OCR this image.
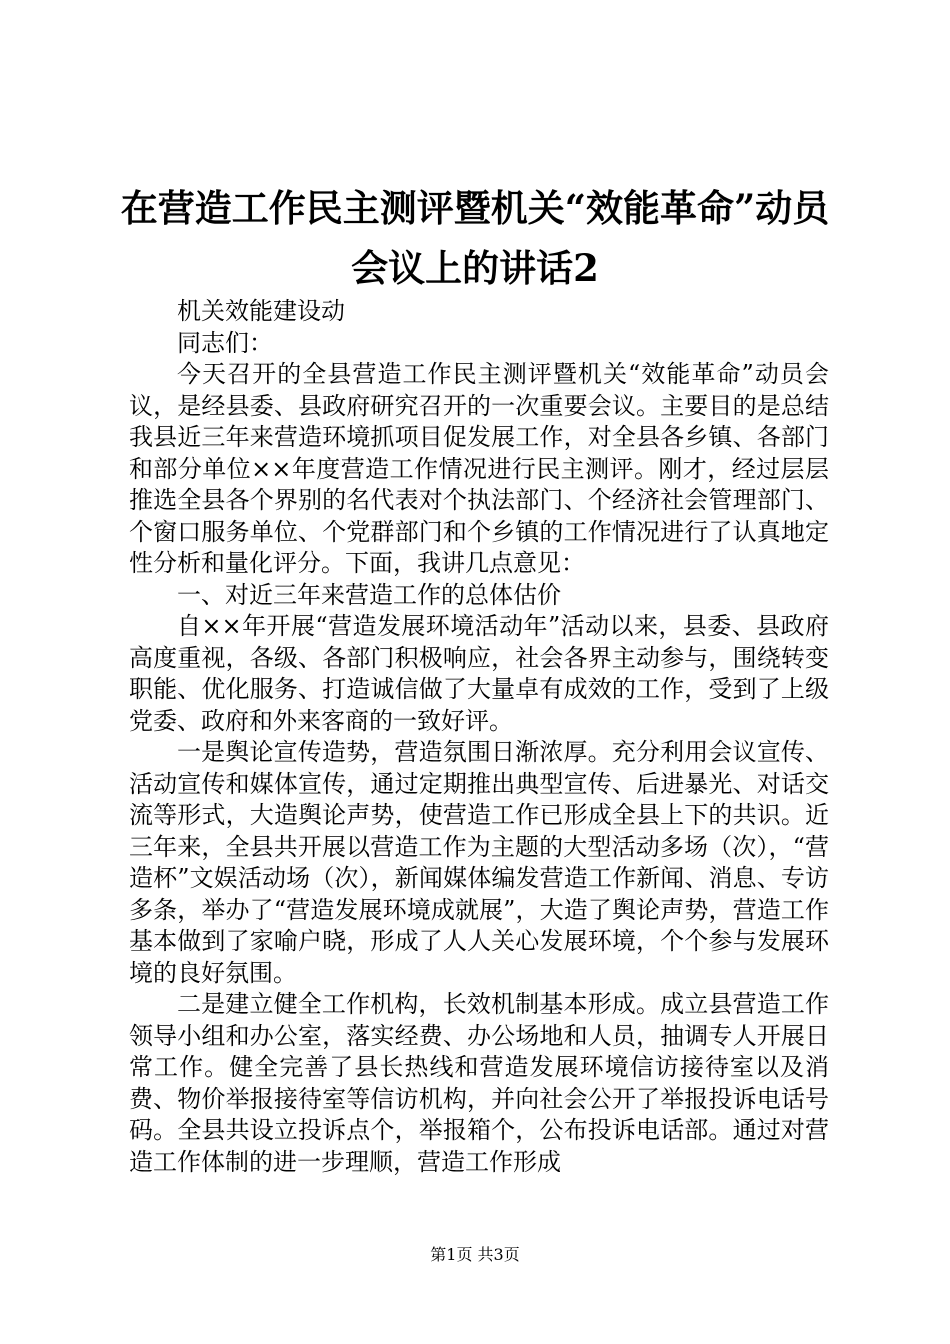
在营造工作民主测评暨机关“效能革命”动员会议上的讲话2

机关效能建设动

同志们：

今天召开的全县营造工作民主测评暨机关“效能革命”动员会议，是经县委、县政府研究召开的一次重要会议。主要目的是总结我县近三年来营造环境抓项目促发展工作，对全县各乡镇、各部门和部分单位××年度营造工作情况进行民主测评。刚才，经过层层推选全县各个界别的名代表对个执法部门、个经济社会管理部门、个窗口服务单位、个党群部门和个乡镇的工作情况进行了认真地定性分析和量化评分。下面，我讲几点意见：

一、对近三年来营造工作的总体估价

自××年开展“营造发展环境活动年”活动以来，县委、县政府高度重视，各级、各部门积极响应，社会各界主动参与，围绕转变职能、优化服务、打造诚信做了大量卓有成效的工作，受到了上级党委、政府和外来客商的一致好评。

一是舆论宣传造势，营造氛围日渐浓厚。充分利用会议宣传、活动宣传和媒体宣传，通过定期推出典型宣传、后进暴光、对话交流等形式，大造舆论声势，使营造工作已形成全县上下的共识。近三年来，全县共开展以营造工作为主题的大型活动多场（次），“营造杯”文娱活动场（次），新闻媒体编发营造工作新闻、消息、专访多条，举办了“营造发展环境成就展”，大造了舆论声势，营造工作基本做到了家喻户晓，形成了人人关心发展环境，个个参与发展环境的良好氛围。

二是建立健全工作机构，长效机制基本形成。成立县营造工作领导小组和办公室，落实经费、办公场地和人员，抽调专人开展日常工作。健全完善了县长热线和营造发展环境信访接待室以及消费、物价举报接待室等信访机构，并向社会公开了举报投诉电话号码。全县共设立投诉点个，举报箱个，公布投诉电话部。通过对营造工作体制的进一步理顺，营造工作形成

第1页 共3页
